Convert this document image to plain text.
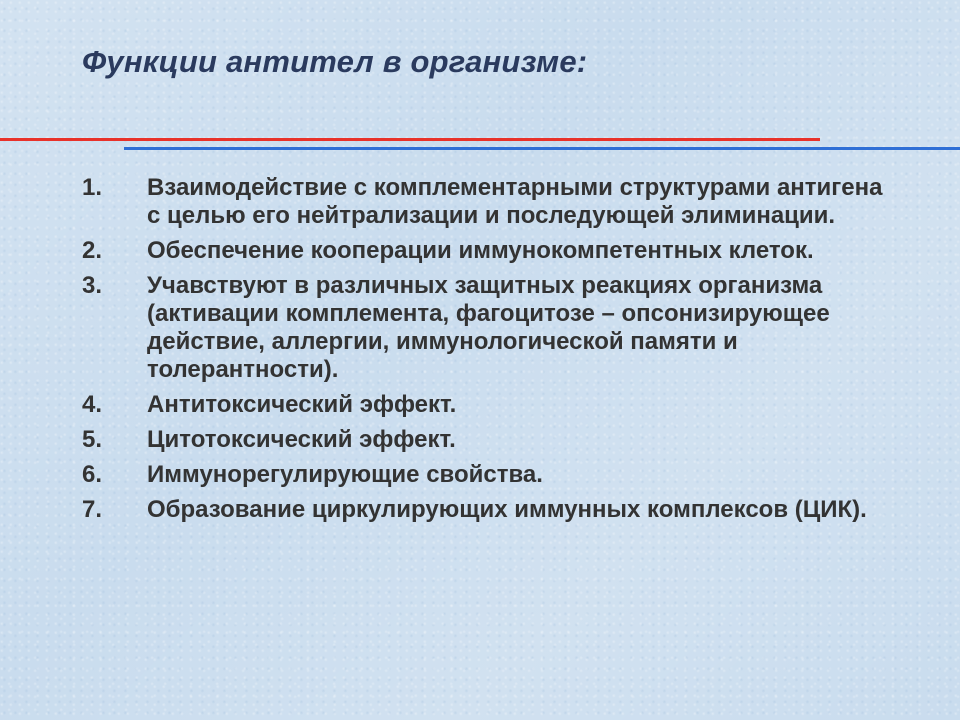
Функции антител в организме:
1.	Взаимодействие с комплементарными структурами антигена с целью его нейтрализации и последующей элиминации.
2.	Обеспечение кооперации иммунокомпетентных клеток.
3.	Учавствуют в различных защитных реакциях организма (активации комплемента, фагоцитозе – опсонизирующее действие, аллергии, иммунологической памяти и толерантности).
4.	Антитоксический эффект.
5.	Цитотоксический эффект.
6.	Иммунорегулирующие свойства.
7.	Образование циркулирующих иммунных комплексов (ЦИК).
